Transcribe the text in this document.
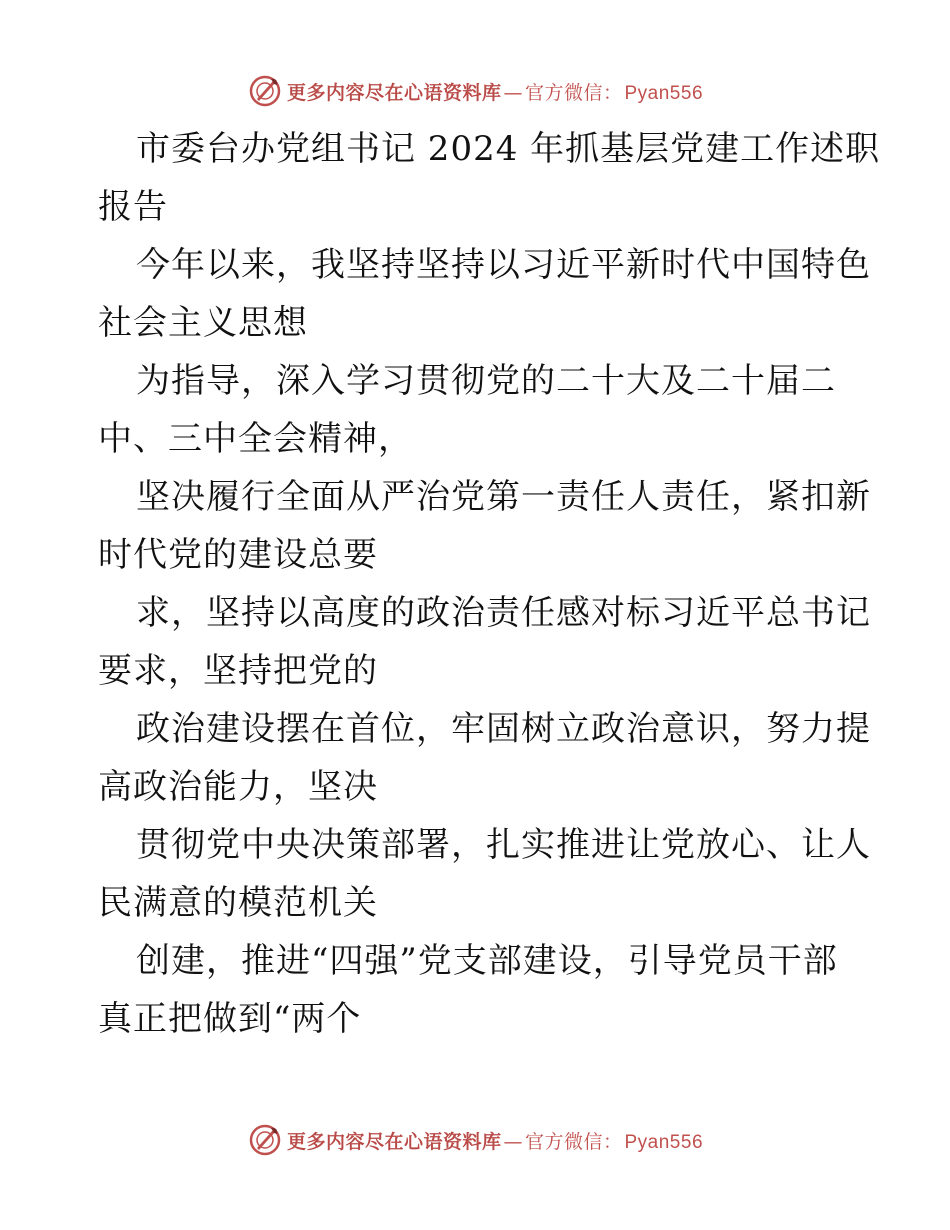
更多内容尽在心语资料库 — 官方微信： Pyan556
市委台办党组书记 2024 年抓基层党建工作述职
报告
今年以来，我坚持坚持以习近平新时代中国特色
社会主义思想
为指导，深入学习贯彻党的二十大及二十届二
中、三中全会精神，
坚决履行全面从严治党第一责任人责任，紧扣新
时代党的建设总要
求，坚持以高度的政治责任感对标习近平总书记
要求，坚持把党的
政治建设摆在首位，牢固树立政治意识，努力提
高政治能力，坚决
贯彻党中央决策部署，扎实推进让党放心、让人
民满意的模范机关
创建，推进“四强”党支部建设，引导党员干部
真正把做到“两个
更多内容尽在心语资料库 — 官方微信： Pyan556
